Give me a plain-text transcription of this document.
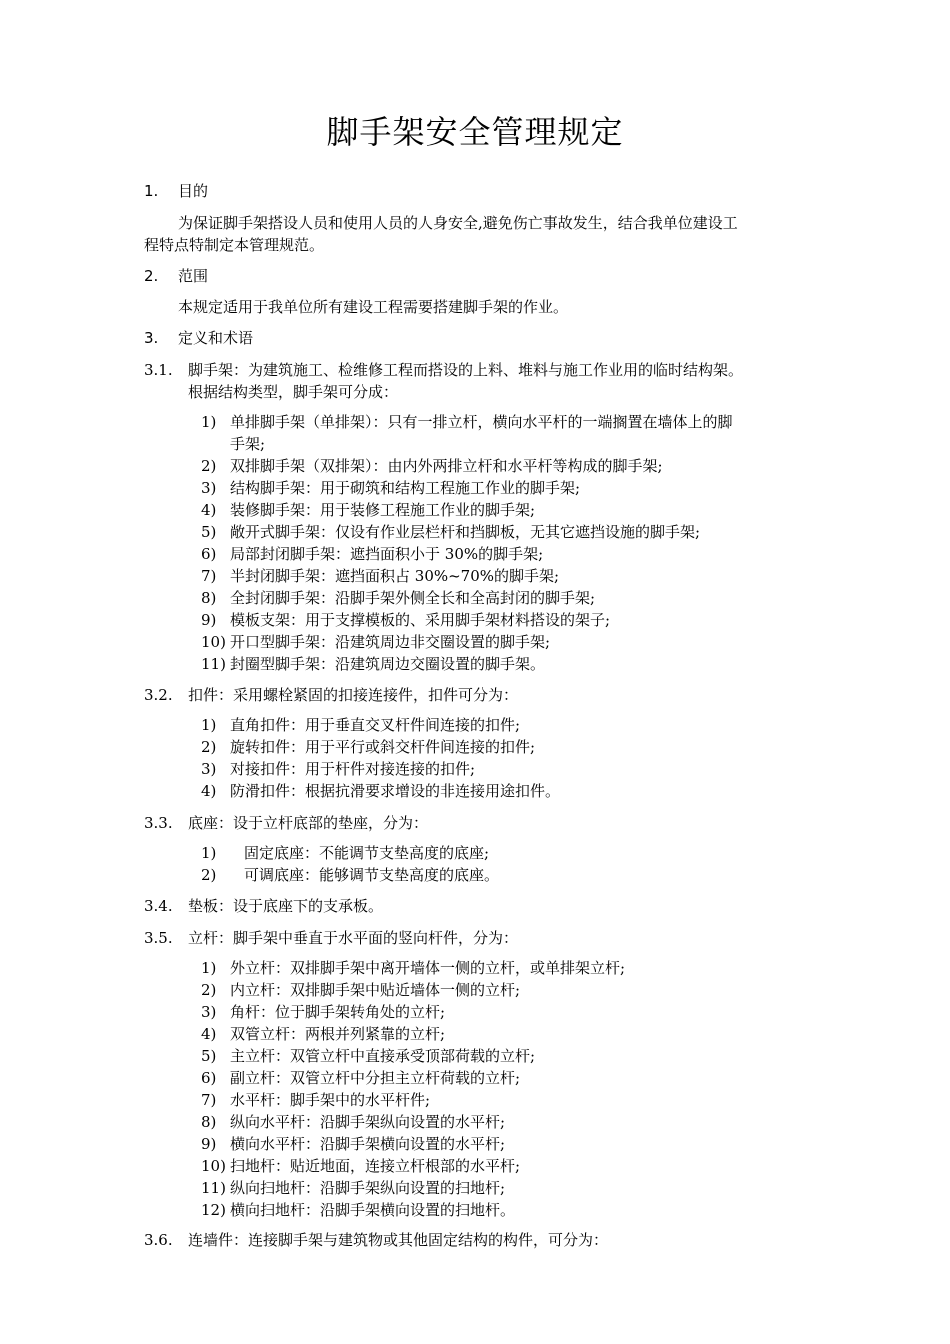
脚手架安全管理规定
1. 目的
为保证脚手架搭设人员和使用人员的人身安全,避免伤亡事故发生，结合我单位建设工
程特点特制定本管理规范。
2. 范围
本规定适用于我单位所有建设工程需要搭建脚手架的作业。
3. 定义和术语
3.1. 脚手架：为建筑施工、检维修工程而搭设的上料、堆料与施工作业用的临时结构架。
根据结构类型，脚手架可分成：
1) 单排脚手架（单排架）：只有一排立杆，横向水平杆的一端搁置在墙体上的脚
手架;
2) 双排脚手架（双排架）：由内外两排立杆和水平杆等构成的脚手架;
3) 结构脚手架：用于砌筑和结构工程施工作业的脚手架;
4) 装修脚手架：用于装修工程施工作业的脚手架;
5) 敞开式脚手架：仅设有作业层栏杆和挡脚板，无其它遮挡设施的脚手架;
6) 局部封闭脚手架：遮挡面积小于 30%的脚手架;
7) 半封闭脚手架：遮挡面积占 30%~70%的脚手架;
8) 全封闭脚手架：沿脚手架外侧全长和全高封闭的脚手架;
9) 模板支架：用于支撑模板的、采用脚手架材料搭设的架子;
10) 开口型脚手架：沿建筑周边非交圈设置的脚手架;
11) 封圈型脚手架：沿建筑周边交圈设置的脚手架。
3.2. 扣件：采用螺栓紧固的扣接连接件，扣件可分为：
1) 直角扣件：用于垂直交叉杆件间连接的扣件;
2) 旋转扣件：用于平行或斜交杆件间连接的扣件;
3) 对接扣件：用于杆件对接连接的扣件;
4) 防滑扣件：根据抗滑要求增设的非连接用途扣件。
3.3. 底座：设于立杆底部的垫座，分为：
1) 固定底座：不能调节支垫高度的底座;
2) 可调底座：能够调节支垫高度的底座。
3.4. 垫板：设于底座下的支承板。
3.5. 立杆：脚手架中垂直于水平面的竖向杆件，分为：
1) 外立杆：双排脚手架中离开墙体一侧的立杆，或单排架立杆;
2) 内立杆：双排脚手架中贴近墙体一侧的立杆;
3) 角杆：位于脚手架转角处的立杆;
4) 双管立杆：两根并列紧靠的立杆;
5) 主立杆：双管立杆中直接承受顶部荷载的立杆;
6) 副立杆：双管立杆中分担主立杆荷载的立杆;
7) 水平杆：脚手架中的水平杆件;
8) 纵向水平杆：沿脚手架纵向设置的水平杆;
9) 横向水平杆：沿脚手架横向设置的水平杆;
10) 扫地杆：贴近地面，连接立杆根部的水平杆;
11) 纵向扫地杆：沿脚手架纵向设置的扫地杆;
12) 横向扫地杆：沿脚手架横向设置的扫地杆。
3.6. 连墙件：连接脚手架与建筑物或其他固定结构的构件，可分为：
